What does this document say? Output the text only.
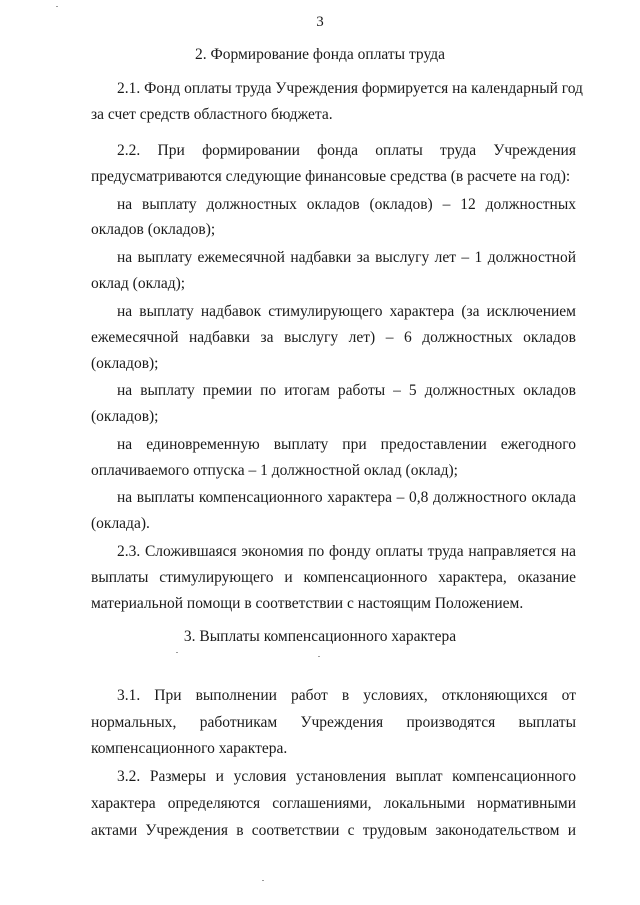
3
2. Формирование фонда оплаты труда
2.1. Фонд оплаты труда Учреждения формируется на календарный год
за счет средств областного бюджета.
2.2. При формировании фонда оплаты труда Учреждения
предусматриваются следующие финансовые средства (в расчете на год):
на выплату должностных окладов (окладов) – 12 должностных
окладов (окладов);
на выплату ежемесячной надбавки за выслугу лет – 1 должностной
оклад (оклад);
на выплату надбавок стимулирующего характера (за исключением
ежемесячной надбавки за выслугу лет) – 6 должностных окладов
(окладов);
на выплату премии по итогам работы – 5 должностных окладов
(окладов);
на единовременную выплату при предоставлении ежегодного
оплачиваемого отпуска – 1 должностной оклад (оклад);
на выплаты компенсационного характера – 0,8 должностного оклада
(оклада).
2.3. Сложившаяся экономия по фонду оплаты труда направляется на
выплаты стимулирующего и компенсационного характера, оказание
материальной помощи в соответствии с настоящим Положением.
3. Выплаты компенсационного характера
3.1. При выполнении работ в условиях, отклоняющихся от
нормальных, работникам Учреждения производятся выплаты
компенсационного характера.
3.2. Размеры и условия установления выплат компенсационного
характера определяются соглашениями, локальными нормативными
актами Учреждения в соответствии с трудовым законодательством и
